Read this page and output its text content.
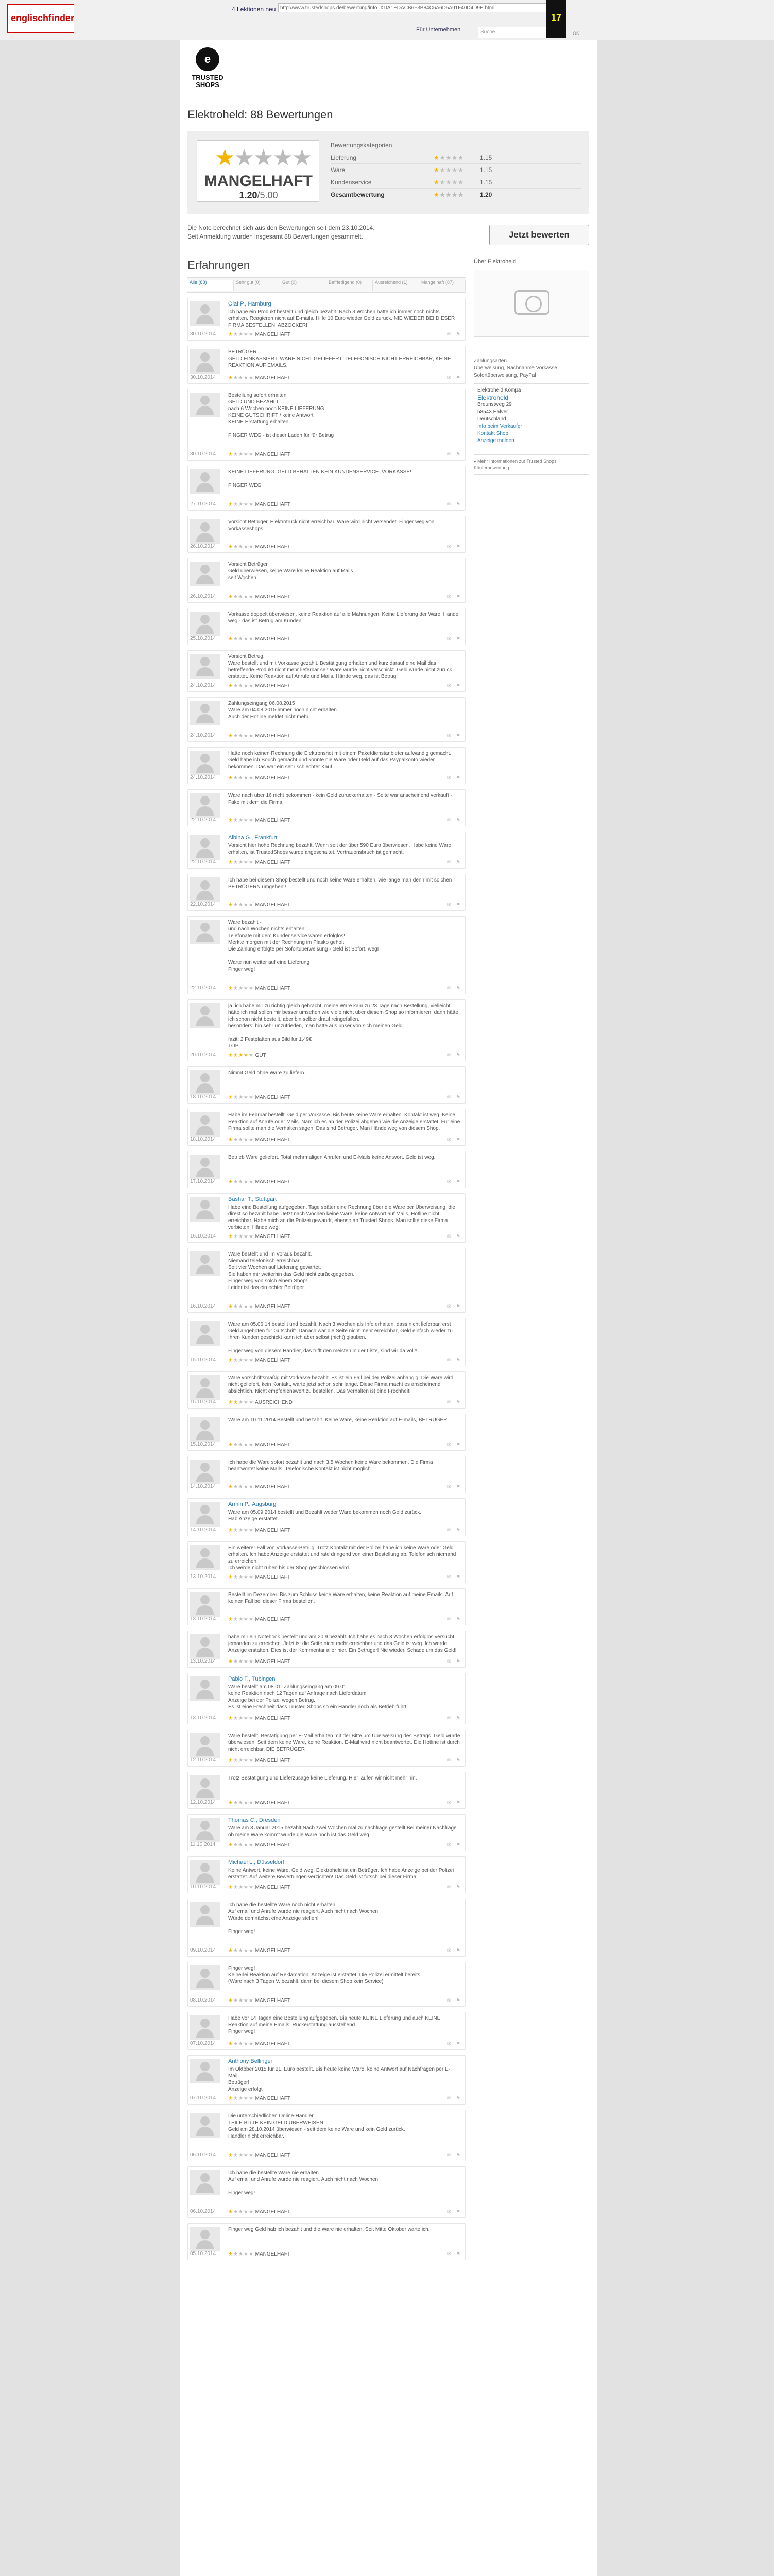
englischfinder
4 Lektionen neu http://www.trustedshops.de/bewertung/info_XDA1EDACB6F3B84C6A6D5A91F40D4D9E.html
Für Unternehmen	Suche
17
OK
e
TRUSTED
SHOPS
Elektroheld: 88 Bewertungen
★★★★★
MANGELHAFT
1.20/5.00
Bewertungskategorien
Lieferung	★★★★★	1.15
Ware	★★★★★	1.15
Kundenservice	★★★★★	1.15
Gesamtbewertung	★★★★★	1.20
Die Note berechnet sich aus den Bewertungen seit dem 23.10.2014.
Seit Anmeldung wurden insgesamt 88 Bewertungen gesammelt.	Jetzt bewerten
Erfahrungen
Alle (88)	Sehr gut (0)	Gut (0)	Befriedigend (0)	Ausreichend (1)	Mangelhaft (87)
30.10.2014
Olaf P., Hamburg
Ich habe ein Produkt bestellt und gleich bezahlt. Nach 3 Wochen hatte ich immer noch nichts erhalten. Reagieren nicht auf E-mails. Hilfe 10 Euro wieder Geld zurück. NIE WIEDER BEI DIESER FIRMA BESTELLEN. ABZOCKER!
★★★★★ MANGELHAFT	✉ ⚑
30.10.2014
BETRÜGER
GELD EINKASSIERT, WARE NICHT GELIEFERT. TELEFONISCH NICHT ERREICHBAR, KEINE REAKTION AUF EMAILS.
★★★★★ MANGELHAFT	✉ ⚑
30.10.2014
Bestellung sofort erhalten
GELD UND BEZAHLT
nach 6 Wochen noch KEINE LIEFERUNG
KEINE GUTSCHRIFT / keine Antwort
KEINE Erstattung erhalten

FINGER WEG - ist dieser Laden für für Betrug
★★★★★ MANGELHAFT	✉ ⚑
27.10.2014
KEINE LIEFERUNG. GELD BEHALTEN KEIN KUNDENSERVICE. VORKASSE!

FINGER WEG
★★★★★ MANGELHAFT	✉ ⚑
26.10.2014
Vorsicht Betrüger. Elektrotruck nicht erreichbar. Ware wird nicht versendet. Finger weg von Vorkasseshops
★★★★★ MANGELHAFT	✉ ⚑
26.10.2014
Vorsicht Betrüger
Geld überwiesen, keine Ware keine Reaktion auf Mails
seit Wochen
★★★★★ MANGELHAFT	✉ ⚑
25.10.2014
Vorkasse doppelt überwiesen, keine Reaktion auf alle Mahnungen. Keine Lieferung der Ware. Hände weg - das ist Betrug am Kunden
★★★★★ MANGELHAFT	✉ ⚑
24.10.2014
Vorsicht Betrug.
Ware bestellt und mit Vorkasse gezahlt. Bestätigung erhalten und kurz darauf eine Mail das betreffende Produkt nicht mehr lieferbar sei! Ware wurde nicht verschickt. Geld wurde nicht zurück erstattet. Keine Reaktion auf Anrufe und Mails. Hände weg, das ist Betrug!
★★★★★ MANGELHAFT	✉ ⚑
24.10.2014
Zahlungseingang 06.08.2015
Ware am 04.08.2015 immer noch nicht erhalten.
Auch der Hotline meldet nicht mehr.
★★★★★ MANGELHAFT	✉ ⚑
24.10.2014
Hatte noch keinen Rechnung die Elektronshot mit einem Paketdienstanbieter aufwändig gemacht. Geld habe ich Bouch gemacht und konnte nie Ware oder Geld auf das Paypalkonto wieder bekommen. Das war ein sehr schlechter Kauf.
★★★★★ MANGELHAFT	✉ ⚑
22.10.2014
Ware nach über 16 nicht bekommen - kein Geld zurückerhalten - Seite war anscheinend verkauft - Fake mit dem die Firma.
★★★★★ MANGELHAFT	✉ ⚑
22.10.2014
Albina G., Frankfurt
Vorsicht hier hohe Rechnung bezahlt. Wenn seit der über 590 Euro überwiesen. Habe keine Ware erhalten, ist TrustedShops wurde angeschaltet. Vertrauensbruch ist gemacht.
★★★★★ MANGELHAFT	✉ ⚑
22.10.2014
Ich habe bei diesem Shop bestellt und noch keine Ware erhalten, wie lange man denn mit solchen BETRÜGERN umgehen?
★★★★★ MANGELHAFT	✉ ⚑
22.10.2014
Ware bezahlt -
und nach Wochen nichts erhalten!
Telefonate mit dem Kundenservice waren erfolglos!
Merkte morgen mit der Rechnung im Plasko geholt
Die Zahlung erfolgte per Sofortüberweisung - Geld ist Sofort. weg!

Warte nun weiter auf eine Lieferung
Finger weg!
★★★★★ MANGELHAFT	✉ ⚑
20.10.2014
ja, ich habe mir zu richtig gleich gebracht, meine Ware kam zu 23 Tage nach Bestellung, vielleicht hätte ich mal sollen mir besser umsehen wie viele nicht über diesem Shop so informieren. dann hätte ich schon nicht bestellt, aber bin selber drauf reingefallen.
besonders: bin sehr unzufrieden, man hätte aus unser von sich meinen Geld.

fazit: 2 Festplatten aus Bild für 1,49€
TOP
★★★★★ GUT	✉ ⚑
18.10.2014
Nimmt Geld ohne Ware zu liefern.
★★★★★ MANGELHAFT	✉ ⚑
18.10.2014
Habe im Februar bestellt. Geld per Vorkasse. Bis heute keine Ware erhalten. Kontakt ist weg. Keine Reaktion auf Anrufe oder Mails. Nämlich es an der Polizei abgeben wie die Anzeige erstattet. Für eine Firma sollte man die Verhalten sagen. Das sind Betrüger. Man Hände weg von diesem Shop.
★★★★★ MANGELHAFT	✉ ⚑
17.10.2014
Betrieb Ware geliefert. Total mehrmaligen Anrufen und E-Mails keine Antwort. Geld ist weg.
★★★★★ MANGELHAFT	✉ ⚑
16.10.2014
Bashar T., Stuttgart
Habe eine Bestellung aufgegeben. Tage später eine Rechnung über die Ware per Überweisung, die direkt so bezahlt habe. Jetzt nach Wochen keine Ware, keine Antwort auf Mails, Hotline nicht erreichbar. Habe mich an die Polizei gewandt, ebenso an Trusted Shops. Man sollte diese Firma verbieten. Hände weg!
★★★★★ MANGELHAFT	✉ ⚑
16.10.2014
Ware bestellt und im Voraus bezahlt.
Niemand telefonisch erreichbar.
Seit vier Wochen auf Lieferung gewartet.
Sie haben mir weiterhin das Geld nicht zurückgegeben.
Finger weg von solch einem Shop!
Leider ist das ein echter Betrüger.
★★★★★ MANGELHAFT	✉ ⚑
15.10.2014
Ware am 05.06.14 bestellt und bezahlt. Nach 3 Wochen als Info erhalten, dass nicht lieferbar, erst Geld angeboten für Gutschrift. Danach war die Seite nicht mehr erreichbar, Geld einfach wieder zu Ihren Kunden geschickt kann ich aber selbst (nicht) glauben.

Finger weg von diesem Händler, das trifft den meisten in der Liste, sind wir da voll!!
★★★★★ MANGELHAFT	✉ ⚑
15.10.2014
Ware vorschriftsmäßig mit Vorkasse bezahlt. Es ist ein Fall bei der Polizei anhängig. Die Ware wird nicht geliefert, kein Kontakt, warte jetzt schon sehr lange. Diese Firma macht es anscheinend absichtlich. Nicht empfehlenswert zu bestellen. Das Verhalten ist eine Frechheit!
★★★★★ AUSREICHEND	✉ ⚑
15.10.2014
Ware am 10.11.2014 Bestellt und bezahlt. Keine Ware, keine Reaktion auf E-mails, BETRUGER
★★★★★ MANGELHAFT	✉ ⚑
14.10.2014
Ich habe die Ware sofort bezahlt und nach 3,5 Wochen keine Ware bekommen. Die Firma beantwortet keine Mails. Telefonische Kontakt ist nicht möglich
★★★★★ MANGELHAFT	✉ ⚑
14.10.2014
Armin P., Augsburg
Ware am 05.09.2014 bestellt und Bezahlt weder Ware bekommen noch Geld zurück.
Hab Anzeige erstattet.
★★★★★ MANGELHAFT	✉ ⚑
13.10.2014
Ein weiterer Fall von Vorkasse-Betrug. Trotz Kontakt mit der Polizei habe ich keine Ware oder Geld erhalten. Ich habe Anzeige erstattet und rate dringend von einer Bestellung ab. Telefonisch niemand zu erreichen.
Ich werde nicht ruhen bis der Shop geschlossen wird.
★★★★★ MANGELHAFT	✉ ⚑
13.10.2014
Bestellt im Dezember. Bis zum Schluss keine Ware erhalten, keine Reaktion auf meine Emails. Auf keinen Fall bei dieser Firma bestellen.
★★★★★ MANGELHAFT	✉ ⚑
13.10.2014
habe mir ein Notebook bestellt und am 20.9 bezahlt. Ich habe es nach 3 Wochen erfolglos versucht jemanden zu erreichen. Jetzt ist die Seite nicht mehr erreichbar und das Geld ist weg. Ich werde Anzeige erstatten. Dies ist der Kommentar aller hier. Ein Betrüger! Nie wieder. Schade um das Geld!
★★★★★ MANGELHAFT	✉ ⚑
13.10.2014
Pablo F., Tübingen
Ware bestellt am 08.01. Zahlungseingang am 09.01.
keine Reaktion nach 12 Tagen auf Anfrage nach Lieferdatum
Anzeige bei der Polizei wegen Betrug.
Es ist eine Frechheit dass Trusted Shops so ein Händler noch als Betrieb führt.
★★★★★ MANGELHAFT	✉ ⚑
12.10.2014
Ware bestellt. Bestätigung per E-Mail erhalten mit der Bitte um Überweisung des Betrags. Geld wurde überwiesen. Seit dem keine Ware, keine Reaktion. E-Mail wird nicht beantwortet. Die Hotline ist durch nicht erreichbar. DIE BETRÜGER
★★★★★ MANGELHAFT	✉ ⚑
12.10.2014
Trotz Bestätigung und Lieferzusage keine Lieferung. Hier laufen wir nicht mehr hin.
★★★★★ MANGELHAFT	✉ ⚑
11.10.2014
Thomas C., Dresden
Ware am 3 Januar 2015 bezahlt.Nach zwei Wochen mal zu nachfrage gestellt Bei meiner Nachfrage ob meine Ware kommt wurde die Ware noch ist das Geld weg.
★★★★★ MANGELHAFT	✉ ⚑
10.10.2014
Michael L., Düsseldorf
Keine Antwort, keine Ware, Geld weg. Elektroheld ist ein Betrüger. Ich habe Anzeige bei der Polizei erstattet. Auf weitere Bewertungen verzichten! Das Geld ist futsch bei dieser Firma.
★★★★★ MANGELHAFT	✉ ⚑
09.10.2014
Ich habe die bestellte Ware noch nicht erhalten.
Auf email und Anrufe wurde nie reagiert. Auch nicht nach Wochen!
Würde demnächst eine Anzeige stellen!

Finger weg!
★★★★★ MANGELHAFT	✉ ⚑
08.10.2014
Finger weg!
Keinerlei Reaktion auf Reklamation. Anzeige ist erstattet. Die Polizei ermittelt bereits.
(Ware nach 3 Tagen V. bezahlt, dann bei diesem Shop kein Service)
★★★★★ MANGELHAFT	✉ ⚑
07.10.2014
Habe vor 14 Tagen eine Bestellung aufgegeben. Bis heute KEINE Lieferung und auch KEINE Reaktion auf meine Emails. Rückerstattung ausstehend.
Finger weg!
★★★★★ MANGELHAFT	✉ ⚑
07.10.2014
Anthony Bellinger
Im Oktober 2015 für 21, Euro bestellt. Bis heute keine Ware, keine Antwort auf Nachfragen per E-Mail.
Betrüger!
Anzeige erfolgt
★★★★★ MANGELHAFT	✉ ⚑
06.10.2014
Die unterschiedlichen Online-Händler
TEILE BITTE KEIN GELD ÜBERWEISEN
Geld am 28.10.2014 überwiesen - seit dem keine Ware und kein Geld zurück.
Händler nicht erreichbar.
★★★★★ MANGELHAFT	✉ ⚑
06.10.2014
Ich habe die bestellte Ware nie erhalten.
Auf email und Anrufe wurde nie reagiert. Auch nicht nach Wochen!

Finger weg!
★★★★★ MANGELHAFT	✉ ⚑
05.10.2014
Finger weg Geld hab ich bezahlt und die Ware nie erhalten. Seit Mitte Oktober warte ich.
★★★★★ MANGELHAFT	✉ ⚑
Über Elektroheld
Zahlungsarten
Überweisung, Nachnahme Vorkasse, Sofortüberweisung, PayPal
Elektroheld Kompa
Elektroheld
Breunstweg 29
58543 Halver
Deutschland
Info beim Verkäufer
Kontakt Shop
Anzeige melden
▸ Mehr Informationen zur Trusted Shops Käuferbewertung
